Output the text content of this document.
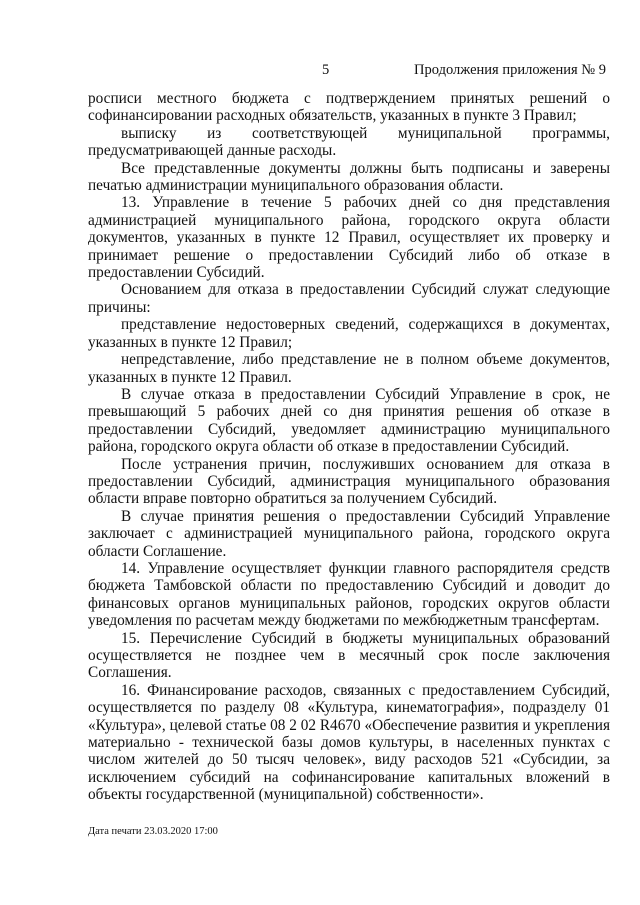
5	Продолжения приложения № 9

росписи местного бюджета с подтверждением принятых решений о софинансировании расходных обязательств, указанных в пункте 3 Правил;

выписку из соответствующей муниципальной программы, предусматривающей данные расходы.

Все представленные документы должны быть подписаны и заверены печатью администрации муниципального образования области.

13. Управление в течение 5 рабочих дней со дня представления администрацией муниципального района, городского округа области документов, указанных в пункте 12 Правил, осуществляет их проверку и принимает решение о предоставлении Субсидий либо об отказе в предоставлении Субсидий.

Основанием для отказа в предоставлении Субсидий служат следующие причины:

представление недостоверных сведений, содержащихся в документах, указанных в пункте 12 Правил;

непредставление, либо представление не в полном объеме документов, указанных в пункте 12 Правил.

В случае отказа в предоставлении Субсидий Управление в срок, не превышающий 5 рабочих дней со дня принятия решения об отказе в предоставлении Субсидий, уведомляет администрацию муниципального района, городского округа области об отказе в предоставлении Субсидий.

После устранения причин, послуживших основанием для отказа в предоставлении Субсидий, администрация муниципального образования области вправе повторно обратиться за получением Субсидий.

В случае принятия решения о предоставлении Субсидий Управление заключает с администрацией муниципального района, городского округа области Соглашение.

14. Управление осуществляет функции главного распорядителя средств бюджета Тамбовской области по предоставлению Субсидий и доводит до финансовых органов муниципальных районов, городских округов области уведомления по расчетам между бюджетами по межбюджетным трансфертам.

15. Перечисление Субсидий в бюджеты муниципальных образований осуществляется не позднее чем в месячный срок после заключения Соглашения.

16. Финансирование расходов, связанных с предоставлением Субсидий, осуществляется по разделу 08 «Культура, кинематография», подразделу 01 «Культура», целевой статье 08 2 02 R4670 «Обеспечение развития и укрепления материально - технической базы домов культуры, в населенных пунктах с числом жителей до 50 тысяч человек», виду расходов 521 «Субсидии, за исключением субсидий на софинансирование капитальных вложений в объекты государственной (муниципальной) собственности».

Дата печати 23.03.2020 17:00
